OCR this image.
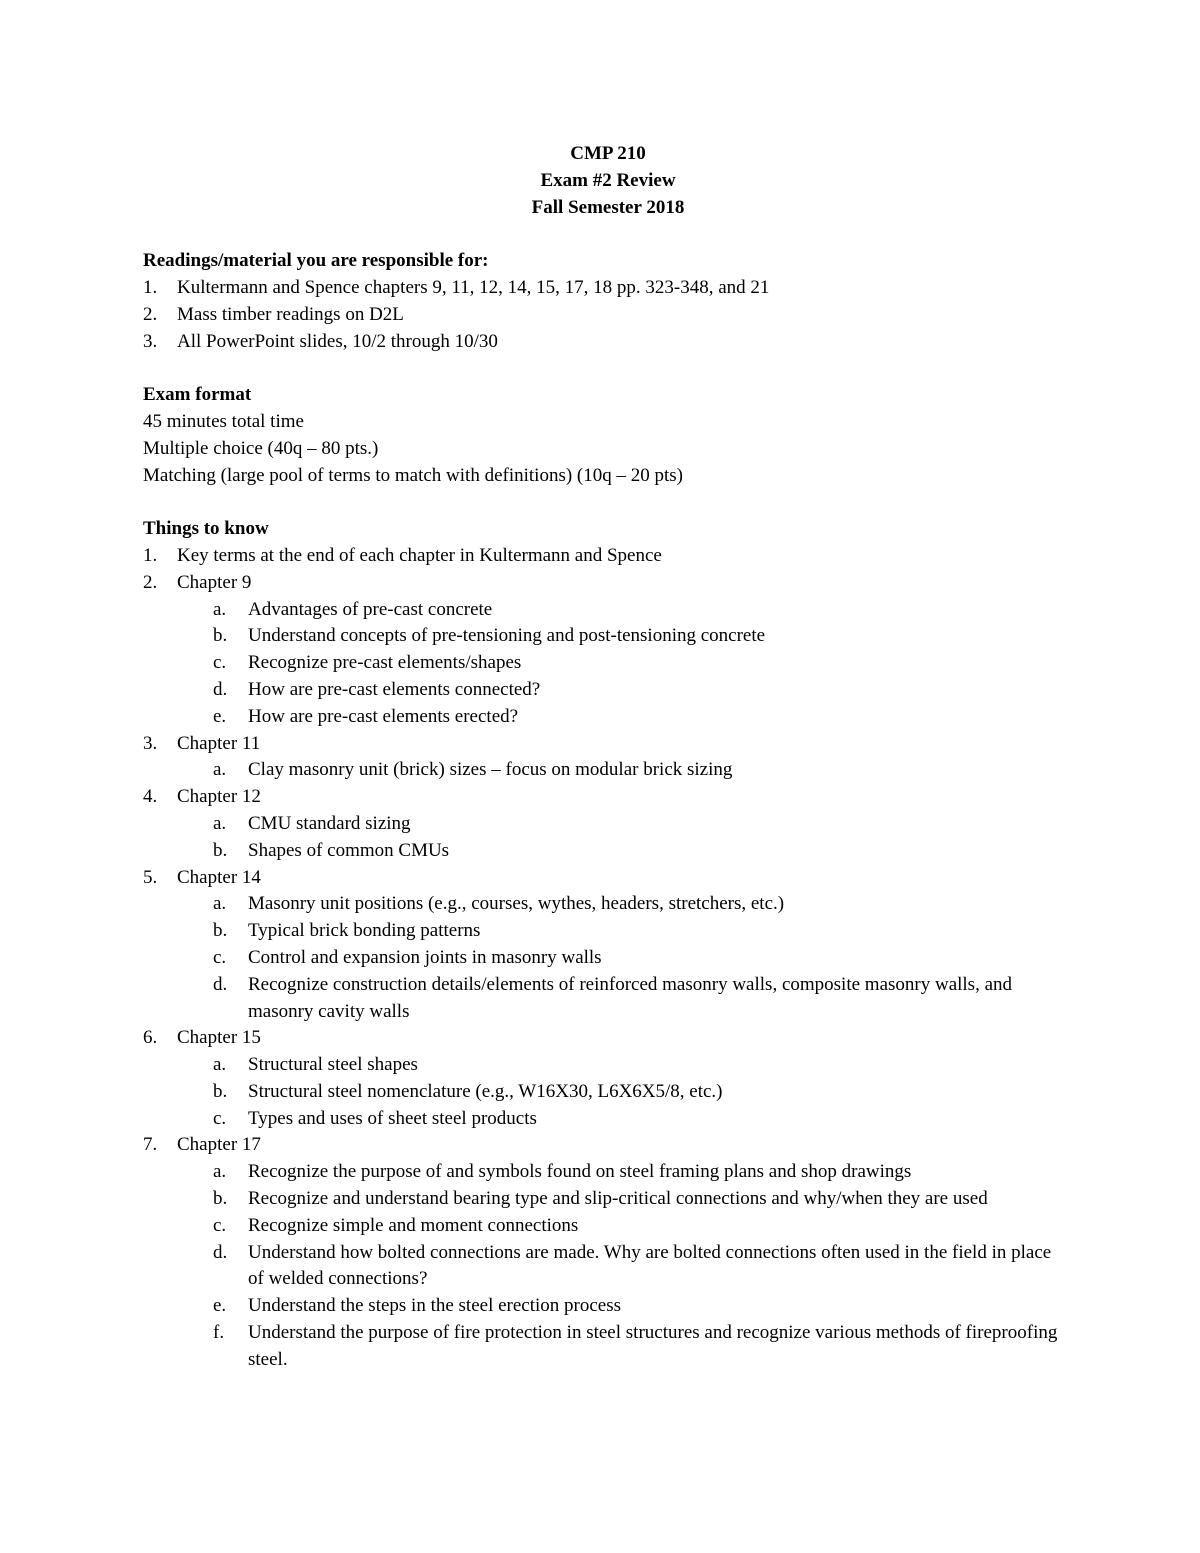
CMP 210

Exam #2 Review

Fall Semester 2018

Readings/material you are responsible for:

1.	Kultermann and Spence chapters 9, 11, 12, 14, 15, 17, 18 pp. 323-348, and 21
2.	Mass timber readings on D2L
3.	All PowerPoint slides, 10/2 through 10/30

Exam format

45 minutes total time

Multiple choice (40q – 80 pts.)

Matching (large pool of terms to match with definitions) (10q – 20 pts)

Things to know

1.	Key terms at the end of each chapter in Kultermann and Spence
2.	Chapter 9
a.	Advantages of pre-cast concrete
b.	Understand concepts of pre-tensioning and post-tensioning concrete
c.	Recognize pre-cast elements/shapes
d.	How are pre-cast elements connected?
e.	How are pre-cast elements erected?
3.	Chapter 11
a.	Clay masonry unit (brick) sizes – focus on modular brick sizing
4.	Chapter 12
a.	CMU standard sizing
b.	Shapes of common CMUs
5.	Chapter 14
a.	Masonry unit positions (e.g., courses, wythes, headers, stretchers, etc.)
b.	Typical brick bonding patterns
c.	Control and expansion joints in masonry walls
d.	Recognize construction details/elements of reinforced masonry walls, composite masonry walls, and masonry cavity walls
6.	Chapter 15
a.	Structural steel shapes
b.	Structural steel nomenclature (e.g., W16X30, L6X6X5/8, etc.)
c.	Types and uses of sheet steel products
7.	Chapter 17
a.	Recognize the purpose of and symbols found on steel framing plans and shop drawings
b.	Recognize and understand bearing type and slip-critical connections and why/when they are used
c.	Recognize simple and moment connections
d.	Understand how bolted connections are made. Why are bolted connections often used in the field in place of welded connections?
e.	Understand the steps in the steel erection process
f.	Understand the purpose of fire protection in steel structures and recognize various methods of fireproofing steel.
